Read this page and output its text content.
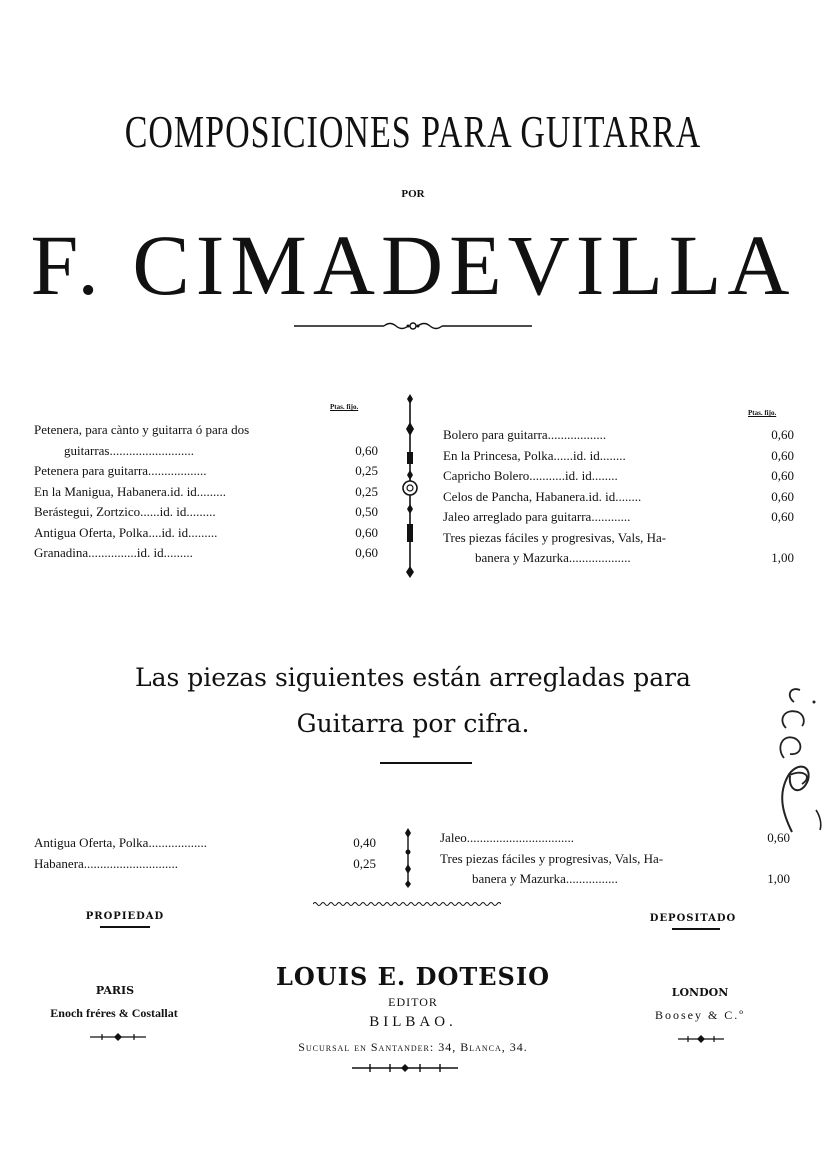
COMPOSICIONES PARA GUITARRA
POR
F. CIMADEVILLA
Ptas. fijo.
Petenera, para cànto y guitarra ó para dos
guitarras..........................	0,60
Petenera para guitarra..................	0,25
En la Manigua, Habanera.id. id.........	0,25
Berástegui, Zortzico......id. id.........	0,50
Antigua Oferta, Polka....id. id.........	0,60
Granadina...............id. id.........	0,60
Ptas. fijo.
Bolero para guitarra..................	0,60
En la Princesa, Polka......id. id........	0,60
Capricho Bolero...........id. id........	0,60
Celos de Pancha, Habanera.id. id........	0,60
Jaleo arreglado para guitarra............	0,60
Tres piezas fáciles y progresivas, Vals, Ha-
banera y Mazurka...................	1,00
Las piezas siguientes están arregladas para
Guitarra por cifra.
Antigua Oferta, Polka..................	0,40
Habanera.............................	0,25
Jaleo.................................	0,60
Tres piezas fáciles y progresivas, Vals, Ha-
banera y Mazurka................	1,00
PROPIEDAD	DEPOSITADO
LOUIS E. DOTESIO
EDITOR
BILBAO.
Sucursal en Santander: 34, Blanca, 34.
PARIS
Enoch fréres & Costallat
LONDON
Boosey & C.º
